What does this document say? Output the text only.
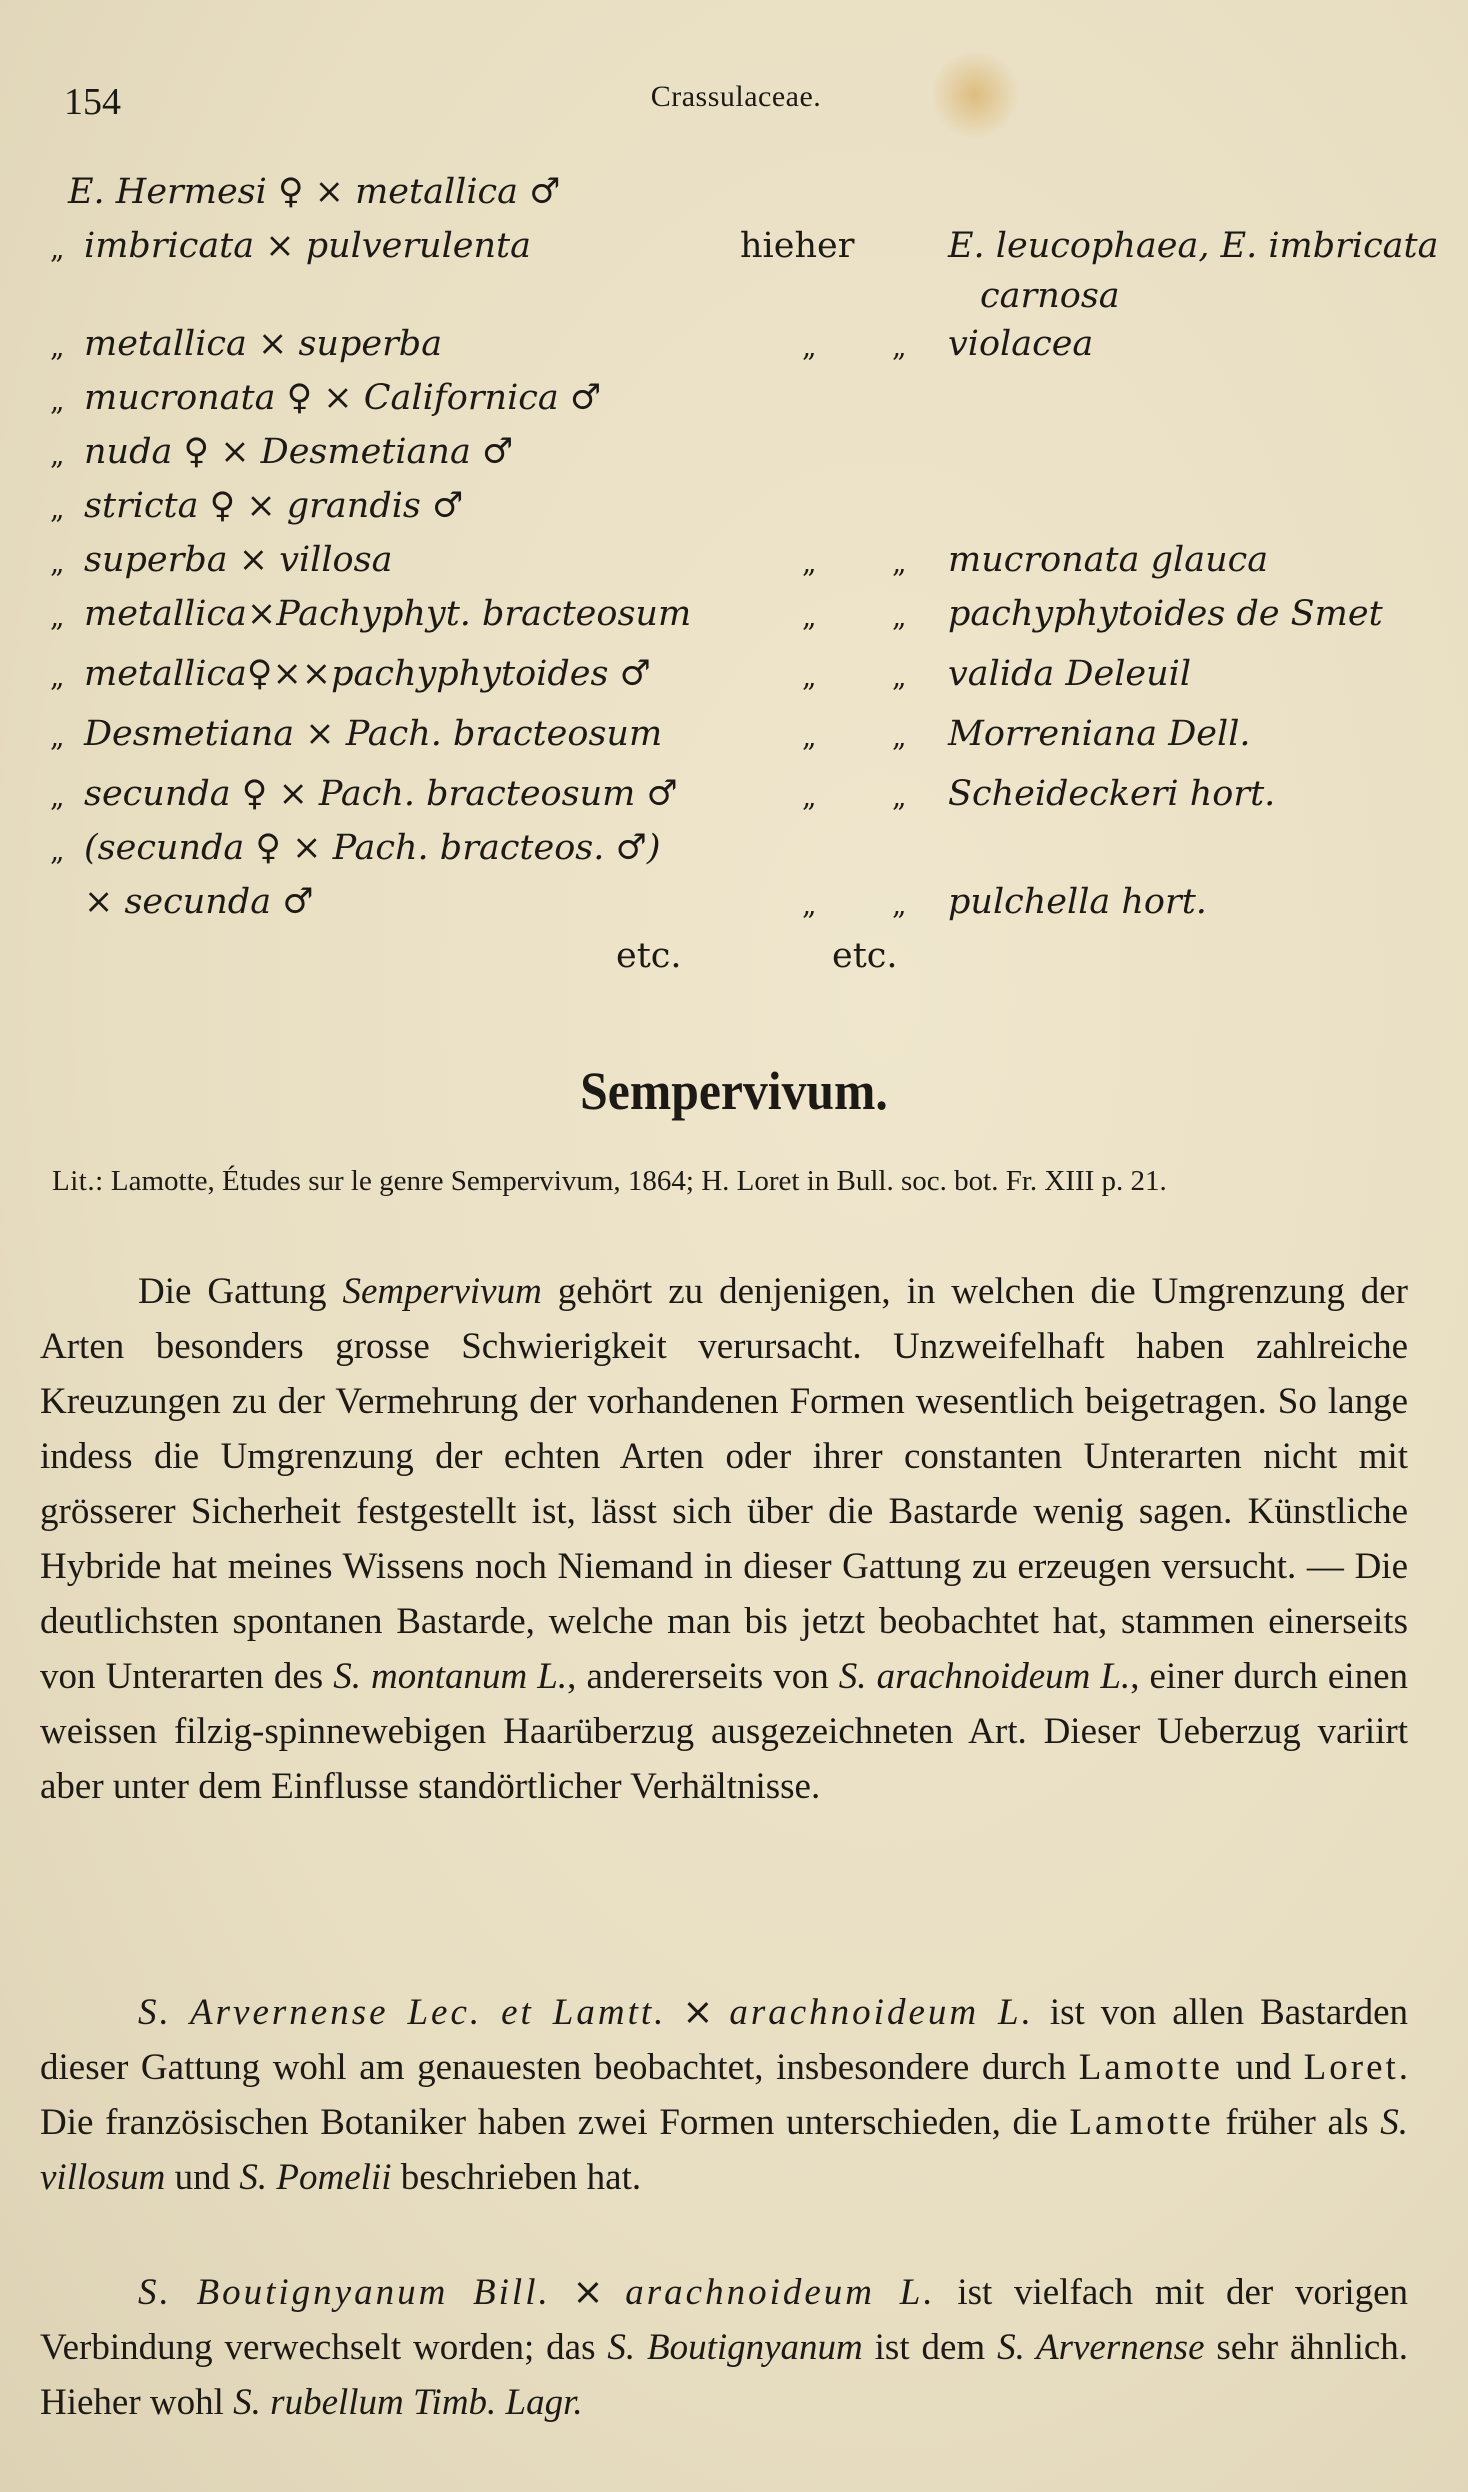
154	Crassulaceae.
E. Hermesi ♀ ⨯ metallica ♂
„ imbricata ⨯ pulverulenta	hieher	E. leucophaea, E. imbricata
carnosa
„ metallica ⨯ superba	„	„ violacea
„ mucronata ♀ ⨯ Californica ♂
„ nuda ♀ ⨯ Desmetiana ♂
„ stricta ♀ ⨯ grandis ♂
„ superba ⨯ villosa	„	„ mucronata glauca
„ metallica⨯Pachyphyt. bracteosum	„	„ pachyphytoides de Smet
„ metallica♀⨯⨯pachyphytoides ♂	„	„ valida Deleuil
„ Desmetiana ⨯ Pach. bracteosum	„	„ Morreniana Dell.
„ secunda ♀ ⨯ Pach. bracteosum ♂	„	„ Scheideckeri hort.
„ (secunda ♀ ⨯ Pach. bracteos. ♂)
⨯ secunda ♂	„	„ pulchella hort.
etc.	etc.
Sempervivum.
Lit.: Lamotte, Études sur le genre Sempervivum, 1864; H. Loret in Bull. soc. bot. Fr. XIII p. 21.
Die Gattung Sempervivum gehört zu denjenigen, in welchen die Umgrenzung der Arten besonders grosse Schwierigkeit verursacht. Unzweifelhaft haben zahlreiche Kreuzungen zu der Vermehrung der vorhandenen Formen wesentlich beigetragen. So lange indess die Umgrenzung der echten Arten oder ihrer constanten Unterarten nicht mit grösserer Sicherheit festgestellt ist, lässt sich über die Bastarde wenig sagen. Künstliche Hybride hat meines Wissens noch Niemand in dieser Gattung zu erzeugen versucht. — Die deutlichsten spontanen Bastarde, welche man bis jetzt beobachtet hat, stammen einerseits von Unterarten des S. montanum L., andererseits von S. arachnoideum L., einer durch einen weissen filzig-spinnewebigen Haarüberzug ausgezeichneten Art. Dieser Ueberzug variirt aber unter dem Einflusse standörtlicher Verhältnisse.
S. Arvernense Lec. et Lamtt. ⨯ arachnoideum L. ist von allen Bastarden dieser Gattung wohl am genauesten beobachtet, insbesondere durch Lamotte und Loret. Die französischen Botaniker haben zwei Formen unterschieden, die Lamotte früher als S. villosum und S. Pomelii beschrieben hat.
S. Boutignyanum Bill. ⨯ arachnoideum L. ist vielfach mit der vorigen Verbindung verwechselt worden; das S. Boutignyanum ist dem S. Arvernense sehr ähnlich. Hieher wohl S. rubellum Timb. Lagr.
